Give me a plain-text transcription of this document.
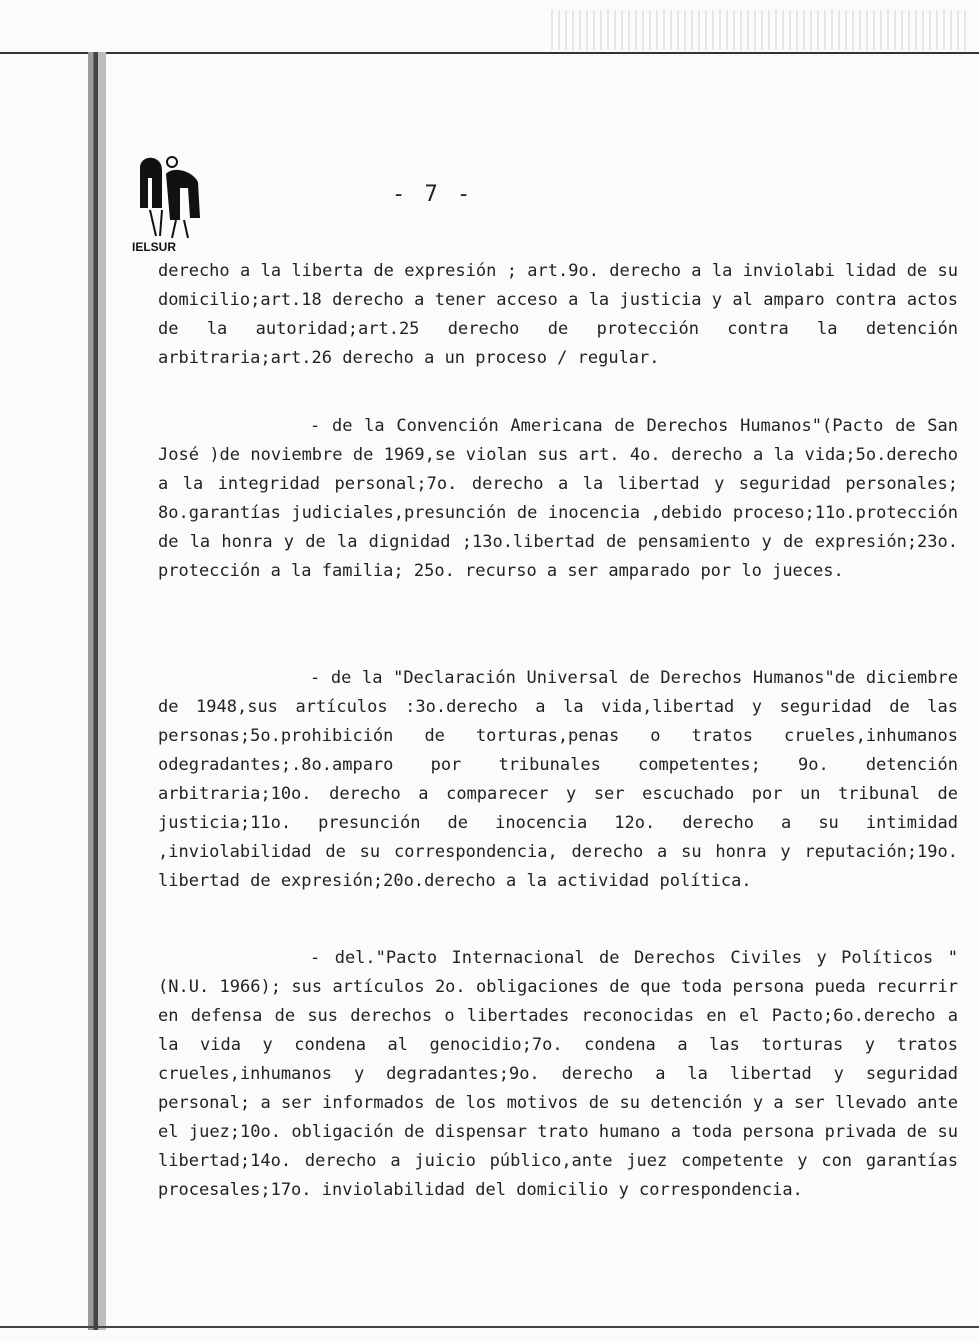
IELSUR
- 7 -

derecho a la liberta de expresión ; art.9o. derecho a la inviolabi lidad de su domicilio;art.18 derecho a tener acceso a la justicia y al amparo contra actos de la autoridad;art.25 derecho de protección contra la detención arbitraria;art.26 derecho a un proceso / regular.

- de la Convención Americana de Derechos Humanos"(Pacto de San José )de noviembre de 1969,se violan sus art. 4o. derecho a la vida;5o.derecho a la integridad personal;7o. derecho a la libertad y seguridad personales; 8o.garantías judiciales,presunción de inocencia ,debido proceso;11o.protección de la honra y de la dignidad ;13o.libertad de pensamiento y de expresión;23o. protección a la familia; 25o. recurso a ser amparado por lo jueces.

- de la "Declaración Universal de Derechos Humanos"de diciembre de 1948,sus artículos :3o.derecho a la vida,libertad y seguridad de las personas;5o.prohibición de torturas,penas o tratos crueles,inhumanos odegradantes;.8o.amparo por tribunales competentes; 9o. detención arbitraria;10o. derecho a comparecer y ser escuchado por un tribunal de justicia;11o. presunción de inocencia 12o. derecho a su intimidad ,inviolabilidad de su correspondencia, derecho a su honra y reputación;19o. libertad de expresión;20o.derecho a la actividad política.

- del."Pacto Internacional de Derechos Civiles y Políticos "(N.U. 1966); sus artículos 2o. obligaciones de que toda persona pueda recurrir en defensa de sus derechos o libertades reconocidas en el Pacto;6o.derecho a la vida y condena al genocidio;7o. condena a las torturas y tratos crueles,inhumanos y degradantes;9o. derecho a la libertad y seguridad personal; a ser informados de los motivos de su detención y a ser llevado ante el juez;10o. obligación de dispensar trato humano a toda persona privada de su libertad;14o. derecho a juicio público,ante juez competente y con garantías procesales;17o. inviolabilidad del domicilio y correspondencia.
